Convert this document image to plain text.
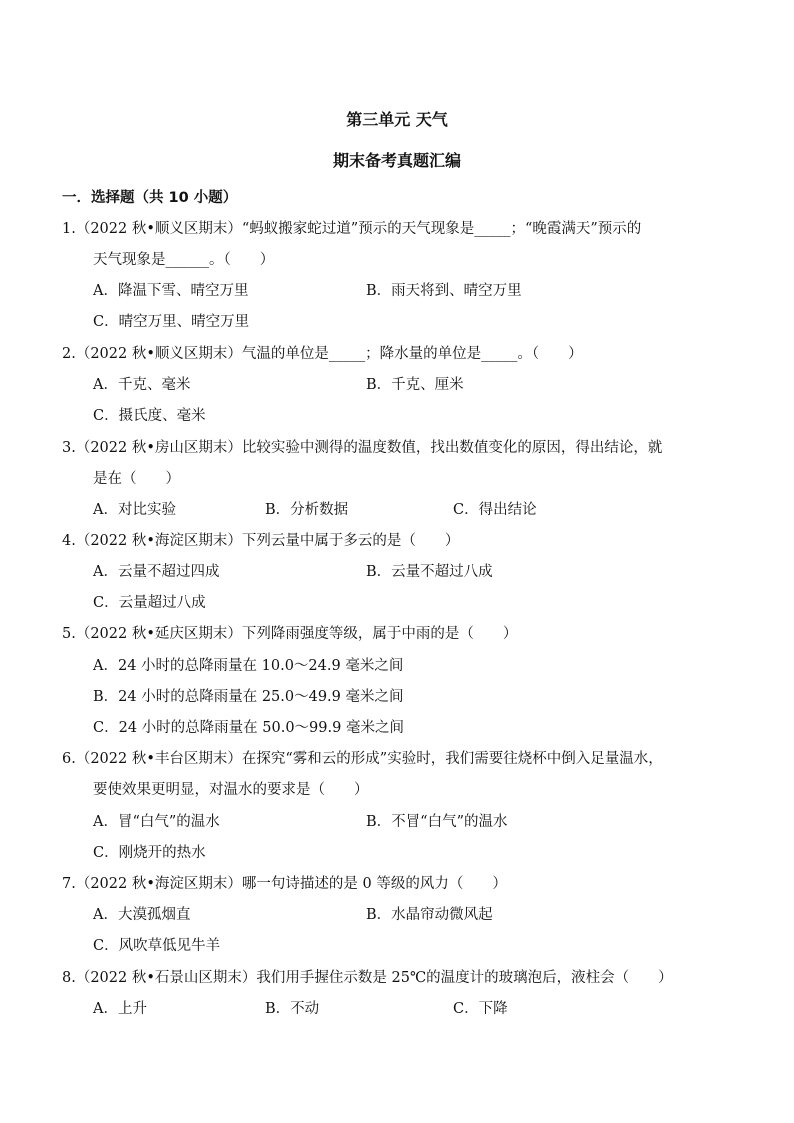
第三单元 天气
期末备考真题汇编
一．选择题（共 10 小题）
1.（2022 秋•顺义区期末）“蚂蚁搬家蛇过道”预示的天气现象是_____；“晚霞满天”预示的
天气现象是______。（　　）
A．降温下雪、晴空万里	B．雨天将到、晴空万里
C．晴空万里、晴空万里
2.（2022 秋•顺义区期末）气温的单位是_____；降水量的单位是_____。（　　）
A．千克、毫米	B．千克、厘米
C．摄氏度、毫米
3.（2022 秋•房山区期末）比较实验中测得的温度数值，找出数值变化的原因，得出结论，就
是在（　　）
A．对比实验	B．分析数据	C．得出结论
4.（2022 秋•海淀区期末）下列云量中属于多云的是（　　）
A．云量不超过四成	B．云量不超过八成
C．云量超过八成
5.（2022 秋•延庆区期末）下列降雨强度等级，属于中雨的是（　　）
A．24 小时的总降雨量在 10.0～24.9 毫米之间
B．24 小时的总降雨量在 25.0～49.9 毫米之间
C．24 小时的总降雨量在 50.0～99.9 毫米之间
6.（2022 秋•丰台区期末）在探究“雾和云的形成”实验时，我们需要往烧杯中倒入足量温水，
要使效果更明显，对温水的要求是（　　）
A．冒“白气”的温水	B．不冒“白气”的温水
C．刚烧开的热水
7.（2022 秋•海淀区期末）哪一句诗描述的是 0 等级的风力（　　）
A．大漠孤烟直	B．水晶帘动微风起
C．风吹草低见牛羊
8.（2022 秋•石景山区期末）我们用手握住示数是 25℃的温度计的玻璃泡后，液柱会（　　）
A．上升	B．不动	C．下降
